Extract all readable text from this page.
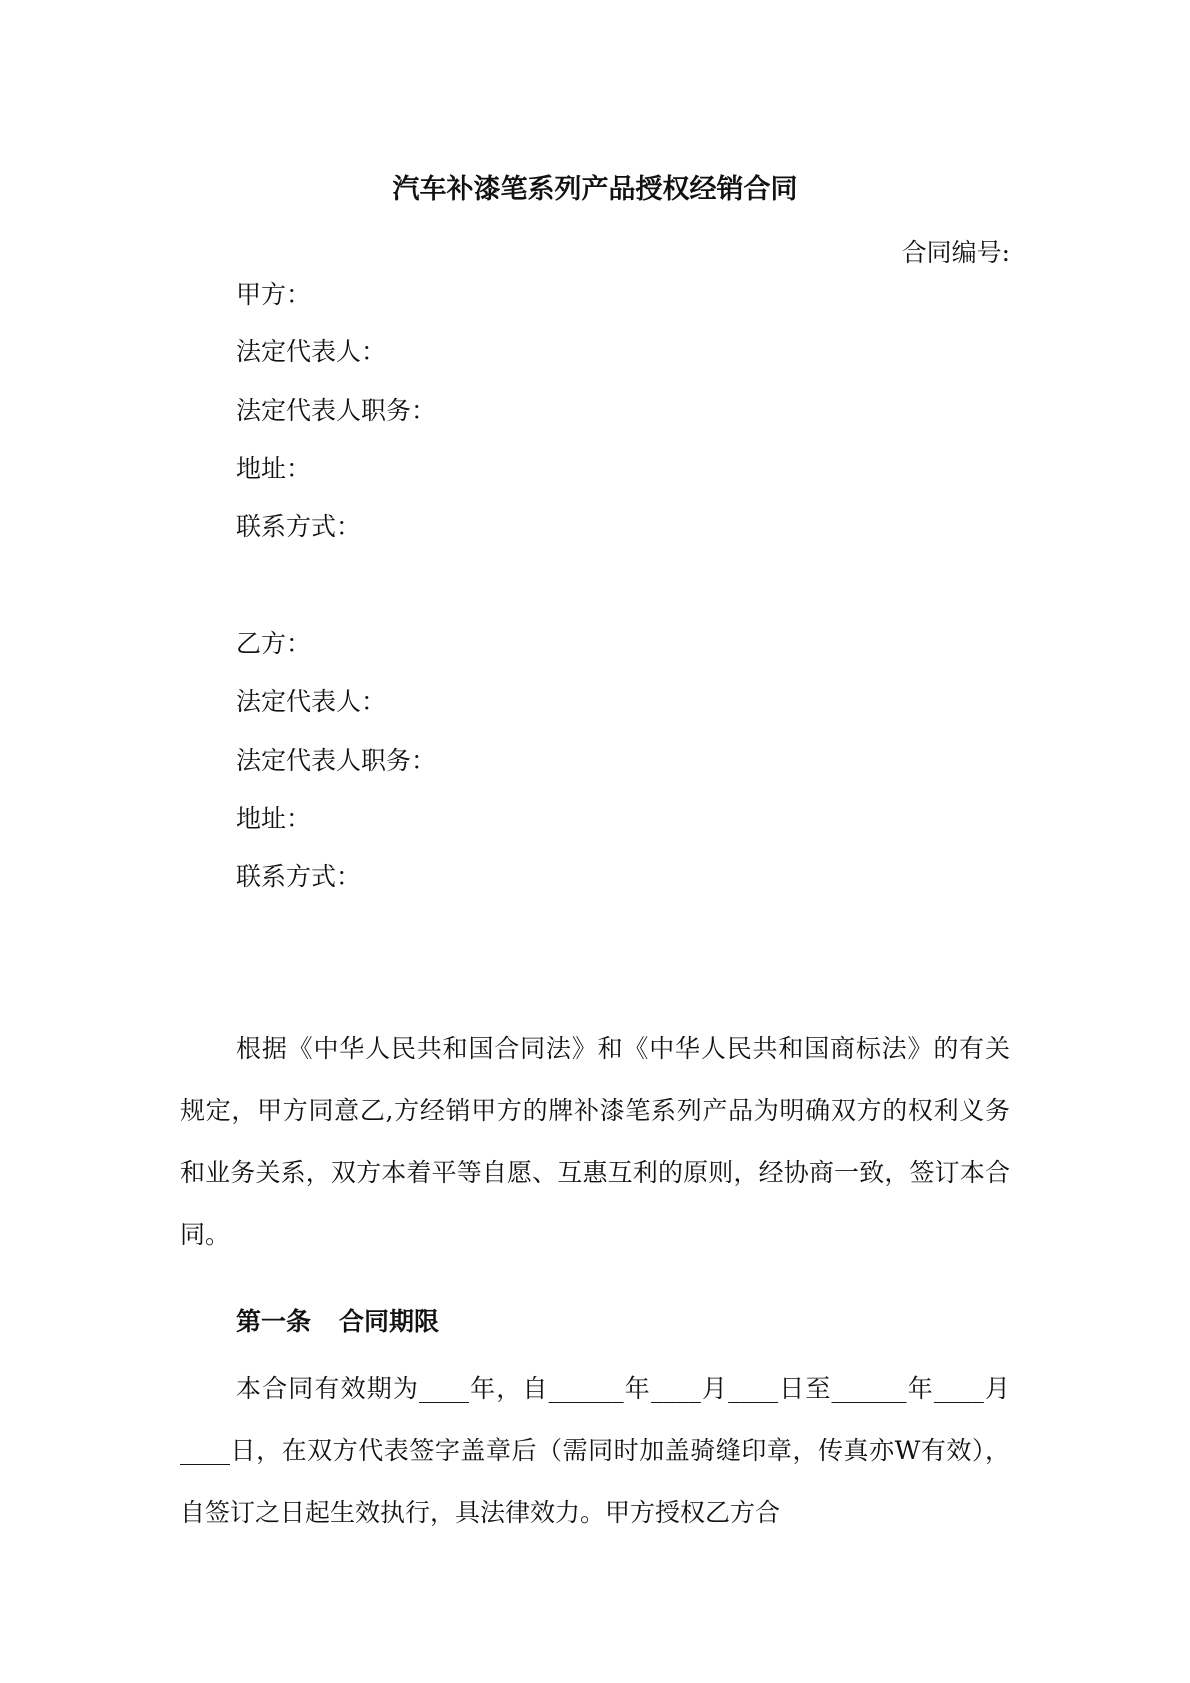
汽车补漆笔系列产品授权经销合同
合同编号:
甲方：
法定代表人：
法定代表人职务：
地址：
联系方式：
乙方：
法定代表人：
法定代表人职务：
地址：
联系方式：
根据《中华人民共和国合同法》和《中华人民共和国商标法》的有关规定，甲方同意乙,方经销甲方的牌补漆笔系列产品为明确双方的权利义务和业务关系，双方本着平等自愿、互惠互利的原则，经协商一致，签订本合同。
第一条 合同期限
本合同有效期为____年，自______年____月____日至______年____月____日，在双方代表签字盖章后（需同时加盖骑缝印章，传真亦W有效），自签订之日起生效执行，具法律效力。甲方授权乙方合
